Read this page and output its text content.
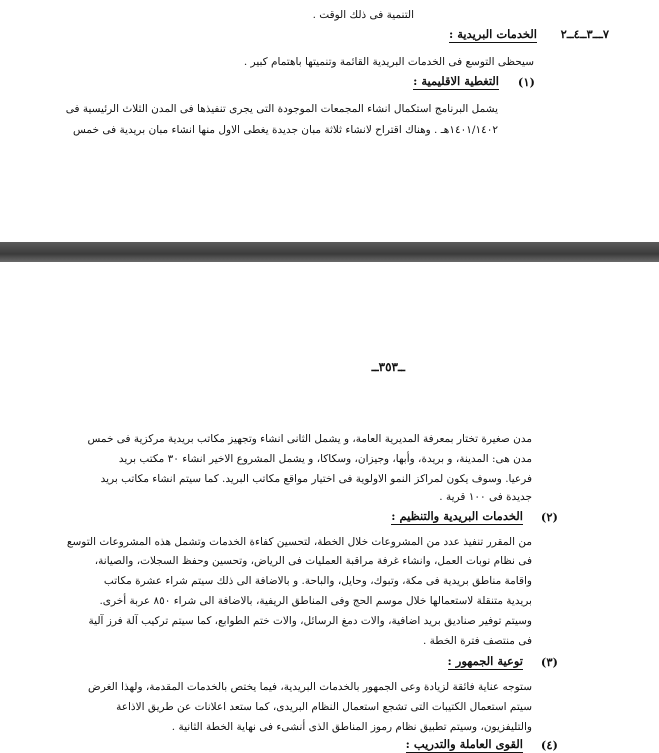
التنمية فى ذلك الوقت .
٧ـــ٣ــ٤ــ٢
الخدمات البريدية :
سيحظى التوسع فى الخدمات البريدية القائمة وتنميتها باهتمام كبير .
(١)
التغطية الاقليمية :
يشمل البرنامج استكمال انشاء المجمعات الموجودة التى يجرى تنفيذها فى المدن الثلاث الرئيسية فى
١٤٠١/١٤٠٢هـ . وهناك اقتراح لانشاء ثلاثة مبان جديدة يغطى الاول منها انشاء مبان بريدية فى خمس
ــ٣٥٣ــ
مدن صغيرة تختار بمعرفة المديرية العامة، و يشمل الثانى انشاء وتجهيز مكاتب بريدية مركزية فى خمس
مدن هى: المدينة، و بريدة، وأبها، وجيزان، وسكاكا، و يشمل المشروع الاخير انشاء ٣٠ مكتب بريد
فرعيا. وسوف يكون لمراكز النمو الاولوية فى اختيار مواقع مكاتب البريد. كما سيتم انشاء مكاتب بريد
جديدة فى ١٠٠ قرية .
(٢)
الخدمات البريدية والتنظيم :
من المقرر تنفيذ عدد من المشروعات خلال الخطة، لتحسين كفاءة الخدمات وتشمل هذه المشروعات التوسع
فى نظام نوبات العمل، وانشاء غرفة مراقبة العمليات فى الرياض، وتحسين وحفظ السجلات، والصيانة،
واقامة مناطق بريدية فى مكة، وتبوك، وحايل، والباحة. و بالاضافة الى ذلك سيتم شراء عشرة مكاتب
بريدية متنقلة لاستعمالها خلال موسم الحج وفى المناطق الريفية، بالاضافة الى شراء ٨٥٠ عربة أخرى.
وسيتم توفير صناديق بريد اضافية، والات دمغ الرسائل، والات ختم الطوابع، كما سيتم تركيب آلة فرز آلية
فى منتصف فترة الخطة .
(٣)
توعية الجمهور :
ستوجه عناية فائقة لزيادة وعى الجمهور بالخدمات البريدية، فيما يختص بالخدمات المقدمة، ولهذا الغرض
سيتم استعمال الكتيبات التى تشجع استعمال النظام البريدى، كما ستعد اعلانات عن طريق الاذاعة
والتليفزيون، وسيتم تطبيق نظام رموز المناطق الذى أنشىء فى نهاية الخطة الثانية .
(٤)
القوى العاملة والتدريب :
